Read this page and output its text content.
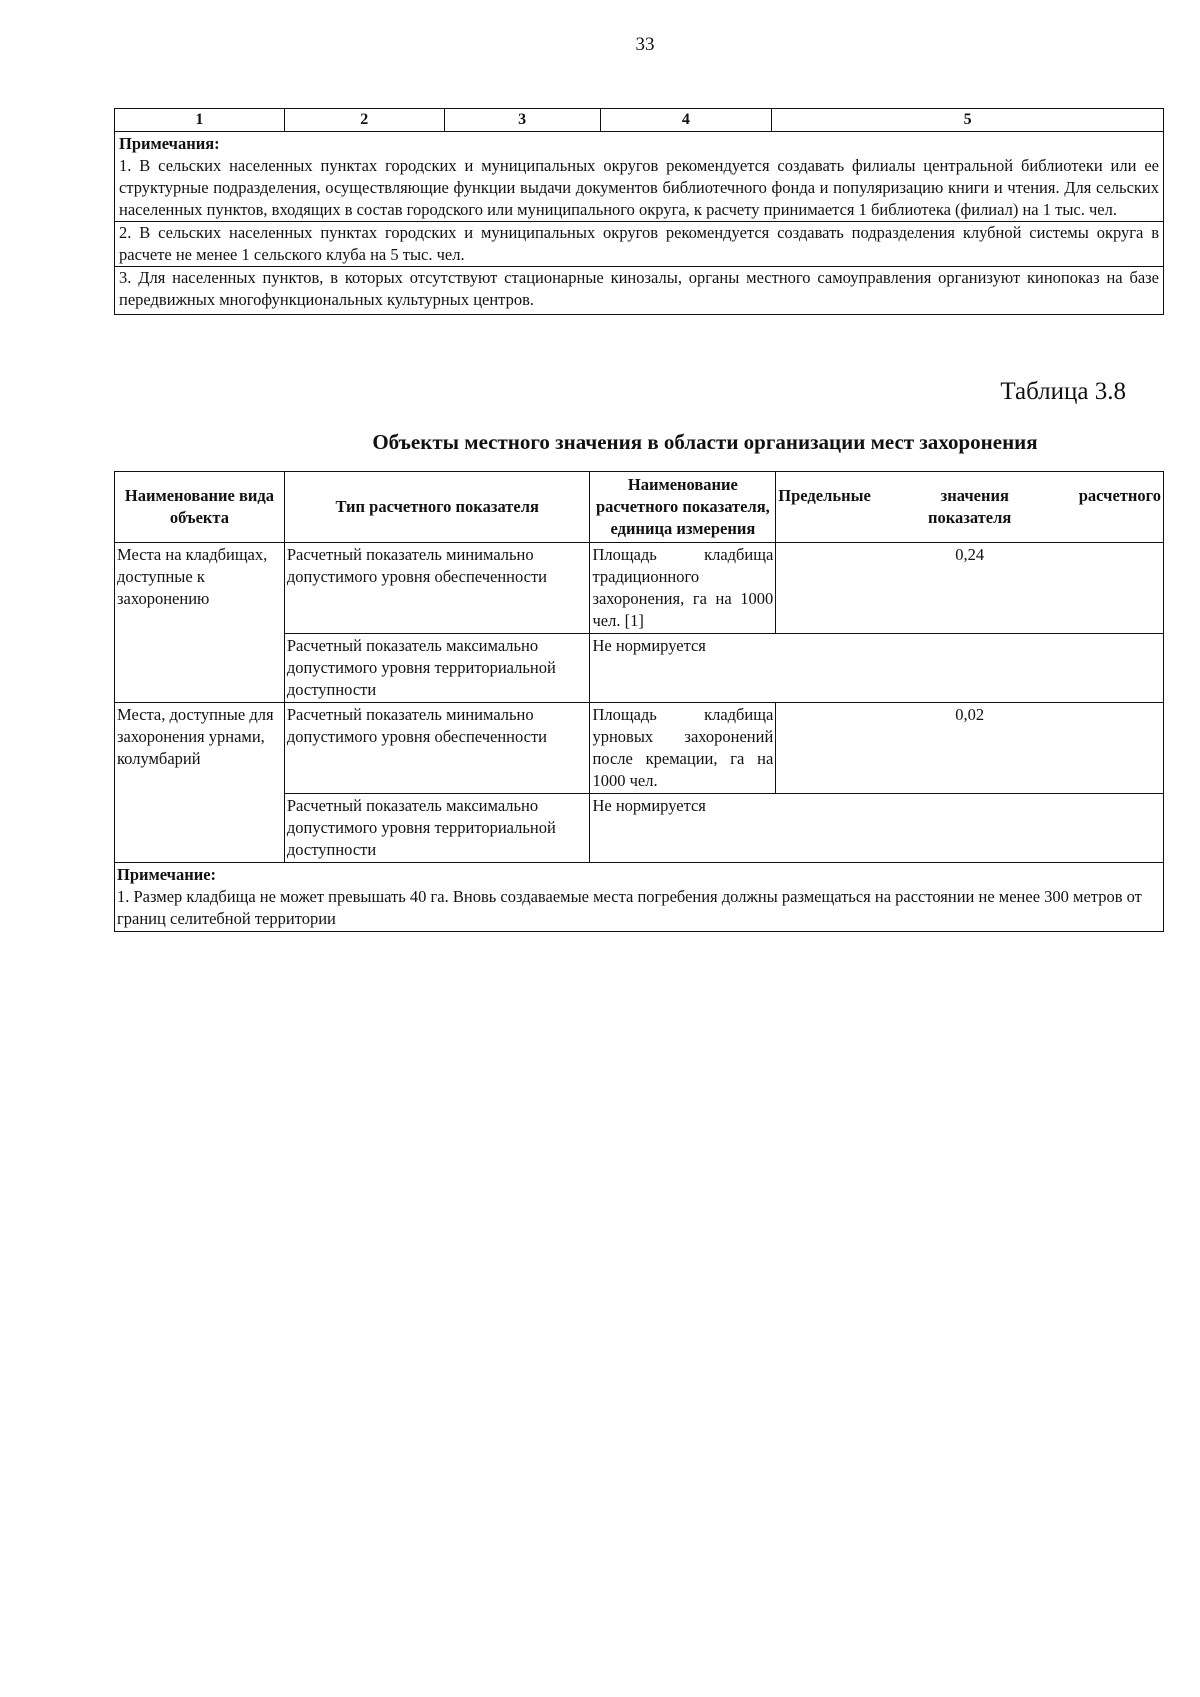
33
1	2	3	4	5

Примечания:
1. В сельских населенных пунктах городских и муниципальных округов рекомендуется создавать филиалы центральной библиотеки или ее структурные подразделения, осуществляющие функции выдачи документов библиотечного фонда и популяризацию книги и чтения. Для сельских населенных пунктов, входящих в состав городского или муниципального округа, к расчету принимается 1 библиотека (филиал) на 1 тыс. чел.
2. В сельских населенных пунктах городских и муниципальных округов рекомендуется создавать подразделения клубной системы округа в расчете не менее 1 сельского клуба на 5 тыс. чел.
3. Для населенных пунктов, в которых отсутствуют стационарные кинозалы, органы местного самоуправления организуют кинопоказ на базе передвижных многофункциональных культурных центров.
Таблица 3.8
Объекты местного значения в области организации мест захоронения
Наименование вида объекта	Тип расчетного показателя	Наименование расчетного показателя, единица измерения	Предельные значения расчетного
показателя

Места на кладбищах, доступные к захоронению	Расчетный показатель минимально допустимого уровня обеспеченности	Площадь кладбища традиционного захоронения, га на 1000 чел. [1]	0,24
	Расчетный показатель максимально допустимого уровня территориальной доступности	Не нормируется	
Места, доступные для захоронения урнами, колумбарий	Расчетный показатель минимально допустимого уровня обеспеченности	Площадь кладбища урновых захоронений после кремации, га на 1000 чел.	0,02
	Расчетный показатель максимально допустимого уровня территориальной доступности	Не нормируется	

Примечание:
1. Размер кладбища не может превышать 40 га. Вновь создаваемые места погребения должны размещаться на расстоянии не менее 300 метров от границ селитебной территории			
